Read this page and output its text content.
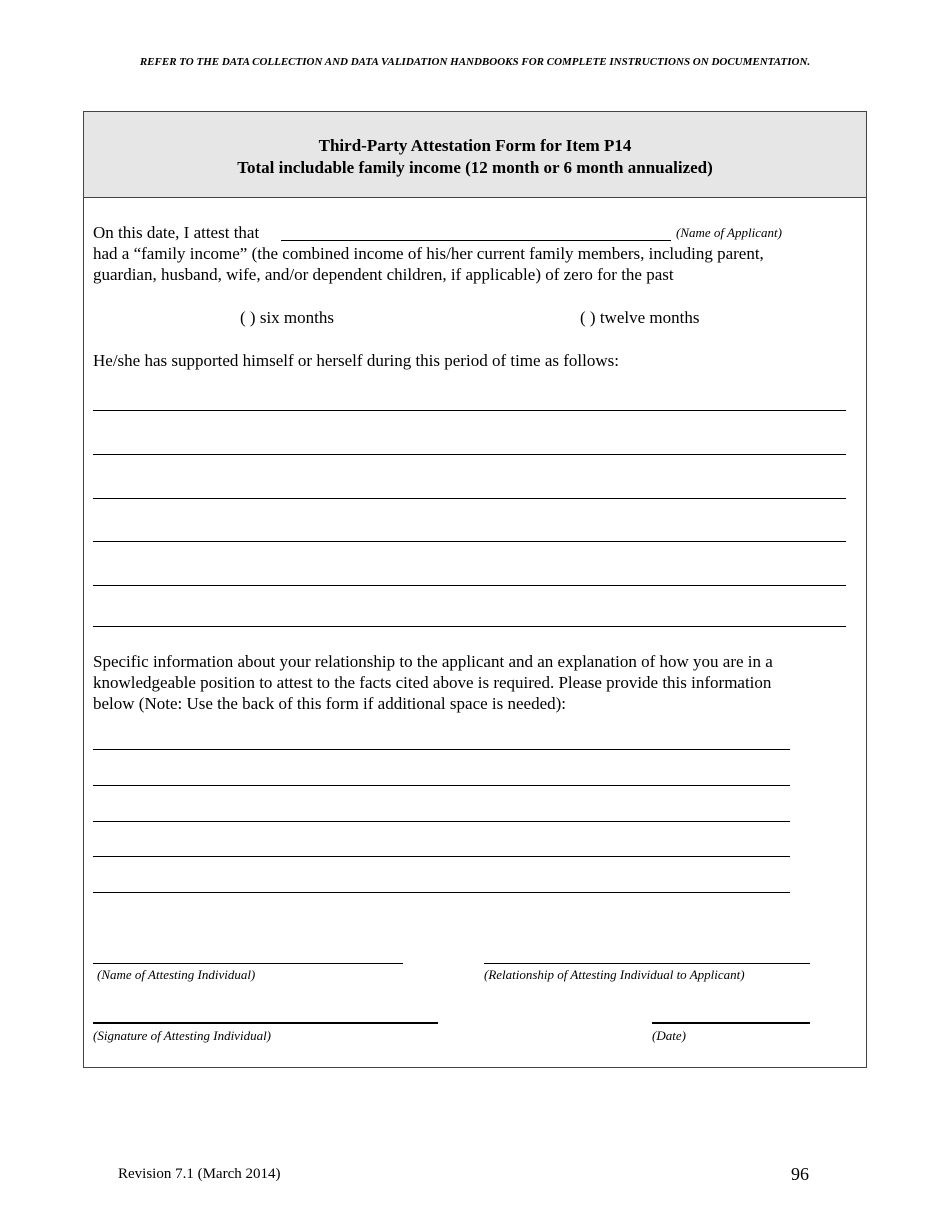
REFER TO THE DATA COLLECTION AND DATA VALIDATION HANDBOOKS FOR COMPLETE INSTRUCTIONS ON DOCUMENTATION.
Third-Party Attestation Form for Item P14
Total includable family income (12 month or 6 month annualized)
On this date, I attest that	(Name of Applicant)
had a “family income” (the combined income of his/her current family members, including parent,
guardian, husband, wife, and/or dependent children, if applicable) of zero for the past
( ) six months	( ) twelve months
He/she has supported himself or herself during this period of time as follows:
Specific information about your relationship to the applicant and an explanation of how you are in a
knowledgeable position to attest to the facts cited above is required. Please provide this information
below (Note: Use the back of this form if additional space is needed):
(Name of Attesting Individual)	(Relationship of Attesting Individual to Applicant)
(Signature of Attesting Individual)	(Date)
Revision 7.1 (March 2014)	96
